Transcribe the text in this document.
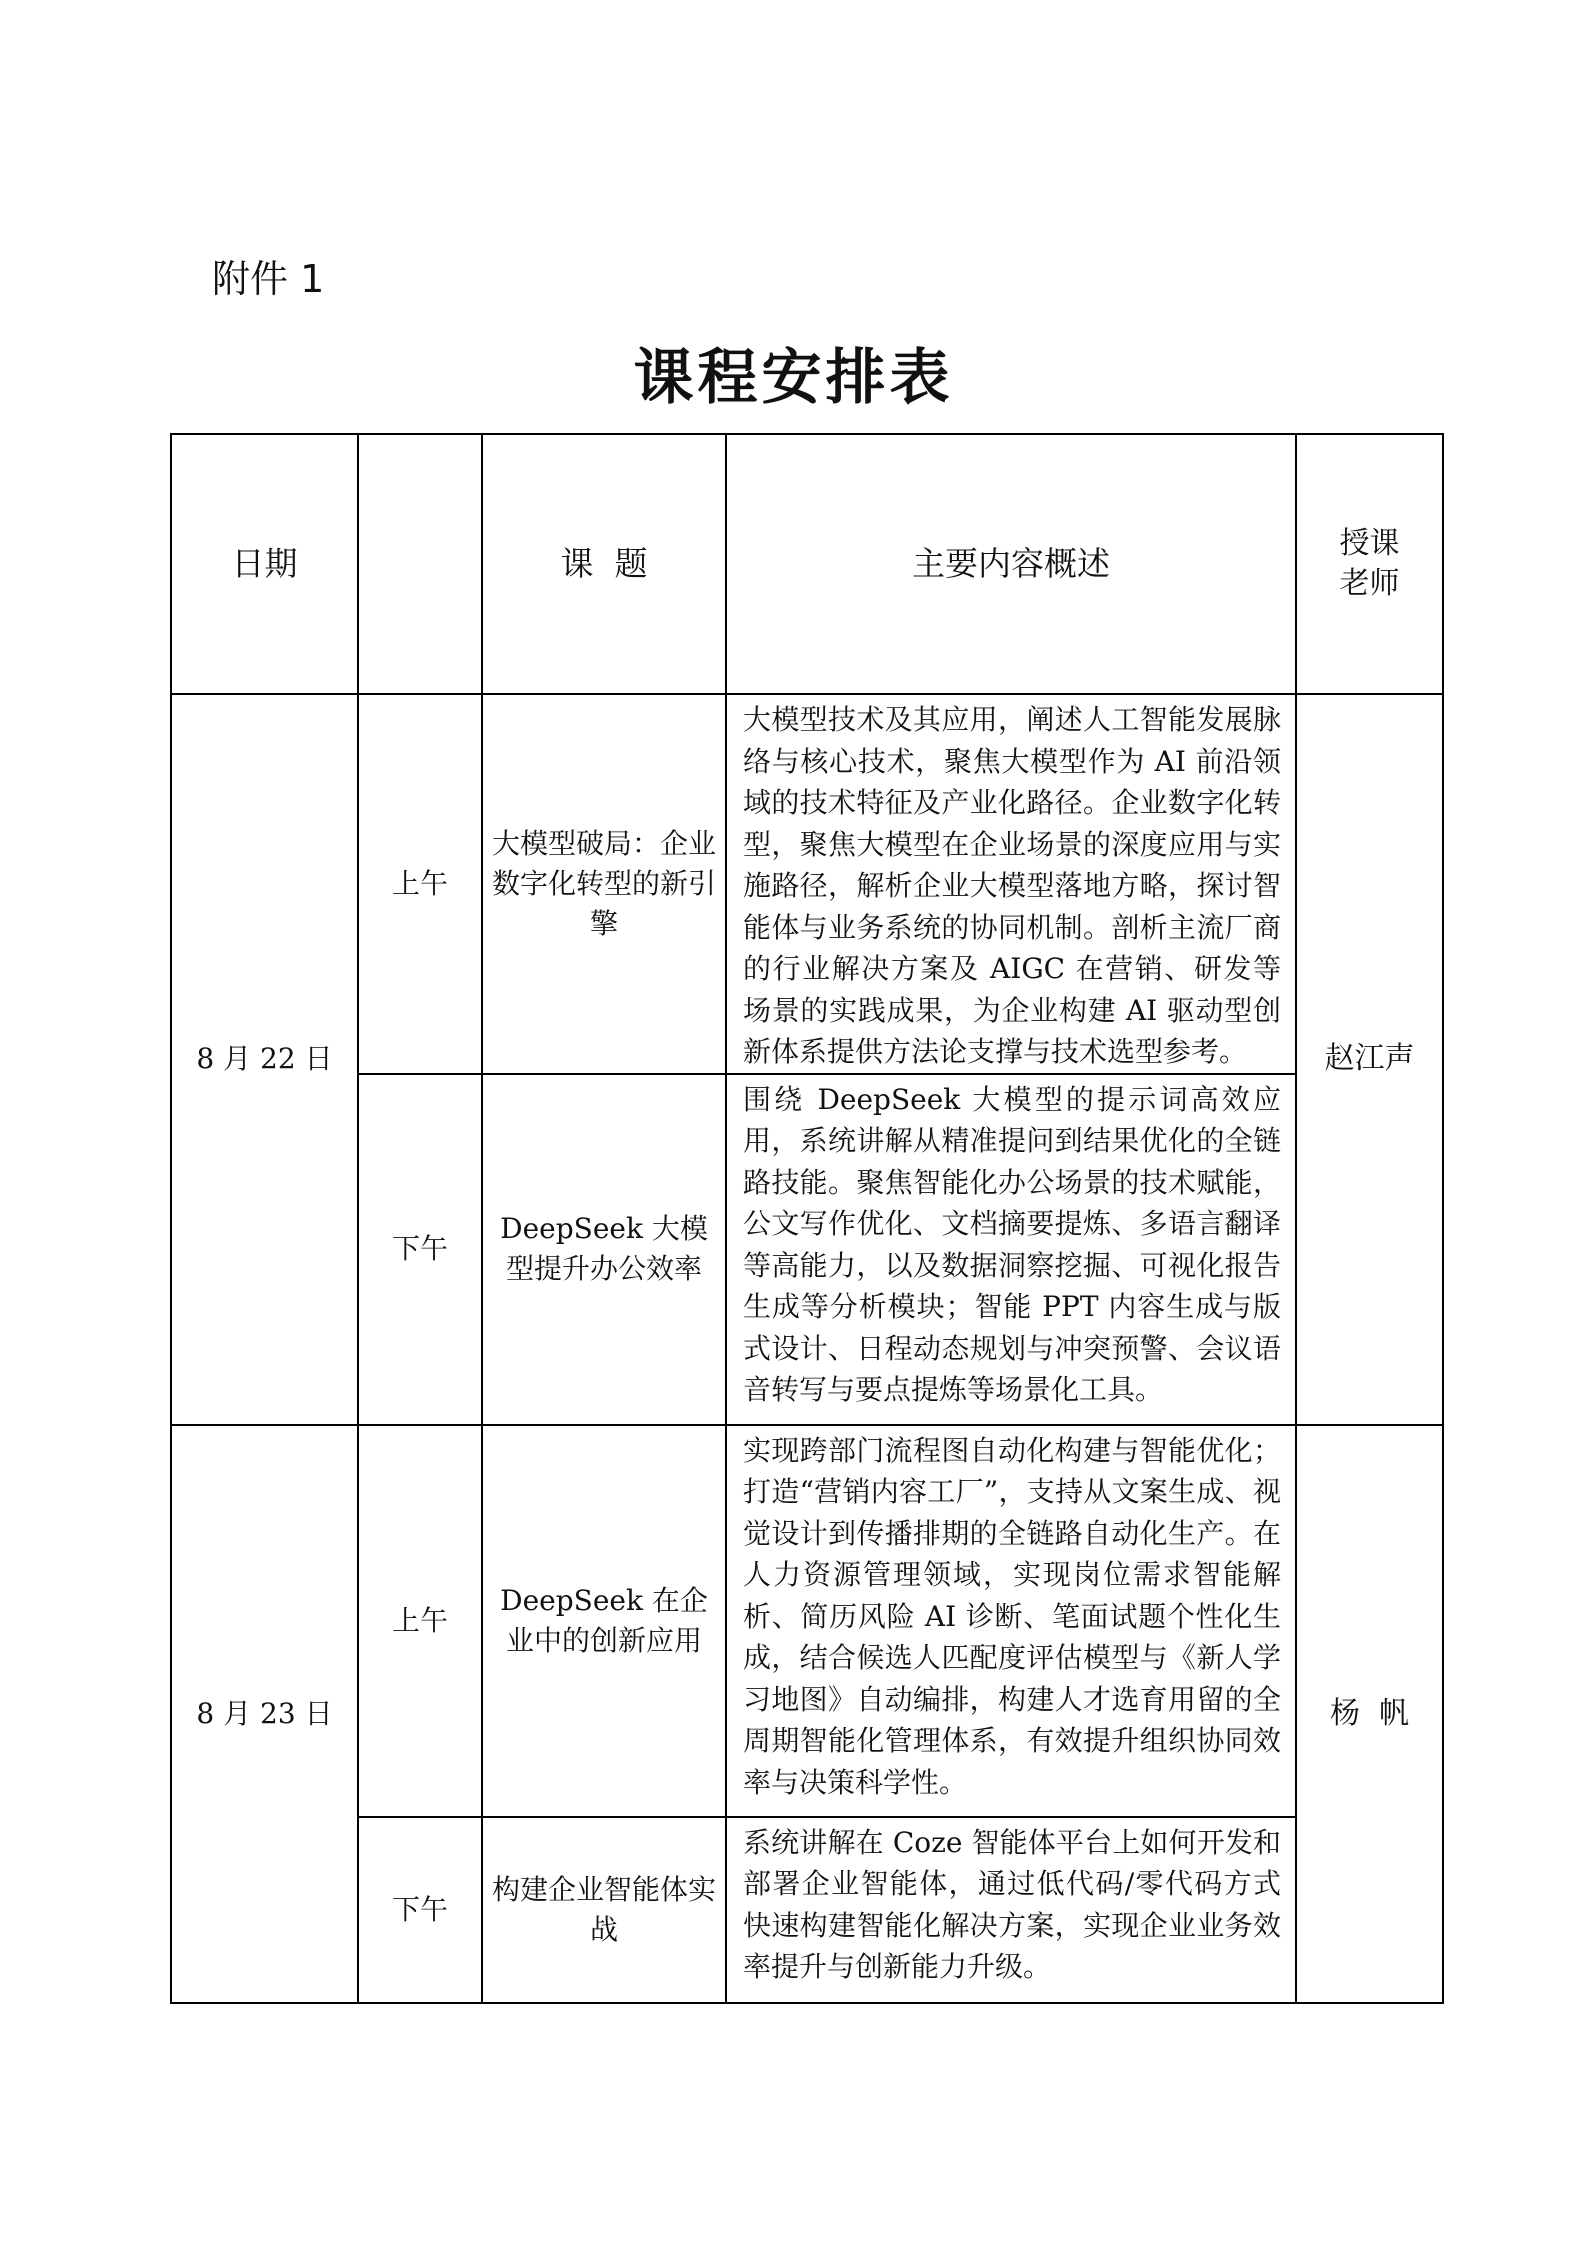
附件 1
课程安排表
日期		课  题	主要内容概述	授课
老师

8 月 22 日	上午	大模型破局：企业数字化转型的新引擎	大模型技术及其应用，阐述人工智能发展脉络与核心技术，聚焦大模型作为 AI 前沿领域的技术特征及产业化路径。企业数字化转型，聚焦大模型在企业场景的深度应用与实施路径，解析企业大模型落地方略，探讨智能体与业务系统的协同机制。剖析主流厂商的行业解决方案及 AIGC 在营销、研发等场景的实践成果，为企业构建 AI 驱动型创新体系提供方法论支撑与技术选型参考。	赵江声
	下午	DeepSeek 大模型提升办公效率	围绕 DeepSeek 大模型的提示词高效应用，系统讲解从精准提问到结果优化的全链路技能。聚焦智能化办公场景的技术赋能，公文写作优化、文档摘要提炼、多语言翻译等高能力，以及数据洞察挖掘、可视化报告生成等分析模块；智能 PPT 内容生成与版式设计、日程动态规划与冲突预警、会议语音转写与要点提炼等场景化工具。	
8 月 23 日	上午	DeepSeek 在企业中的创新应用	实现跨部门流程图自动化构建与智能优化；打造“营销内容工厂”，支持从文案生成、视觉设计到传播排期的全链路自动化生产。在人力资源管理领域，实现岗位需求智能解析、简历风险 AI 诊断、笔面试题个性化生成，结合候选人匹配度评估模型与《新人学习地图》自动编排，构建人才选育用留的全周期智能化管理体系，有效提升组织协同效率与决策科学性。	杨  帆
	下午	构建企业智能体实战	系统讲解在 Coze 智能体平台上如何开发和部署企业智能体，通过低代码/零代码方式快速构建智能化解决方案，实现企业业务效率提升与创新能力升级。	
